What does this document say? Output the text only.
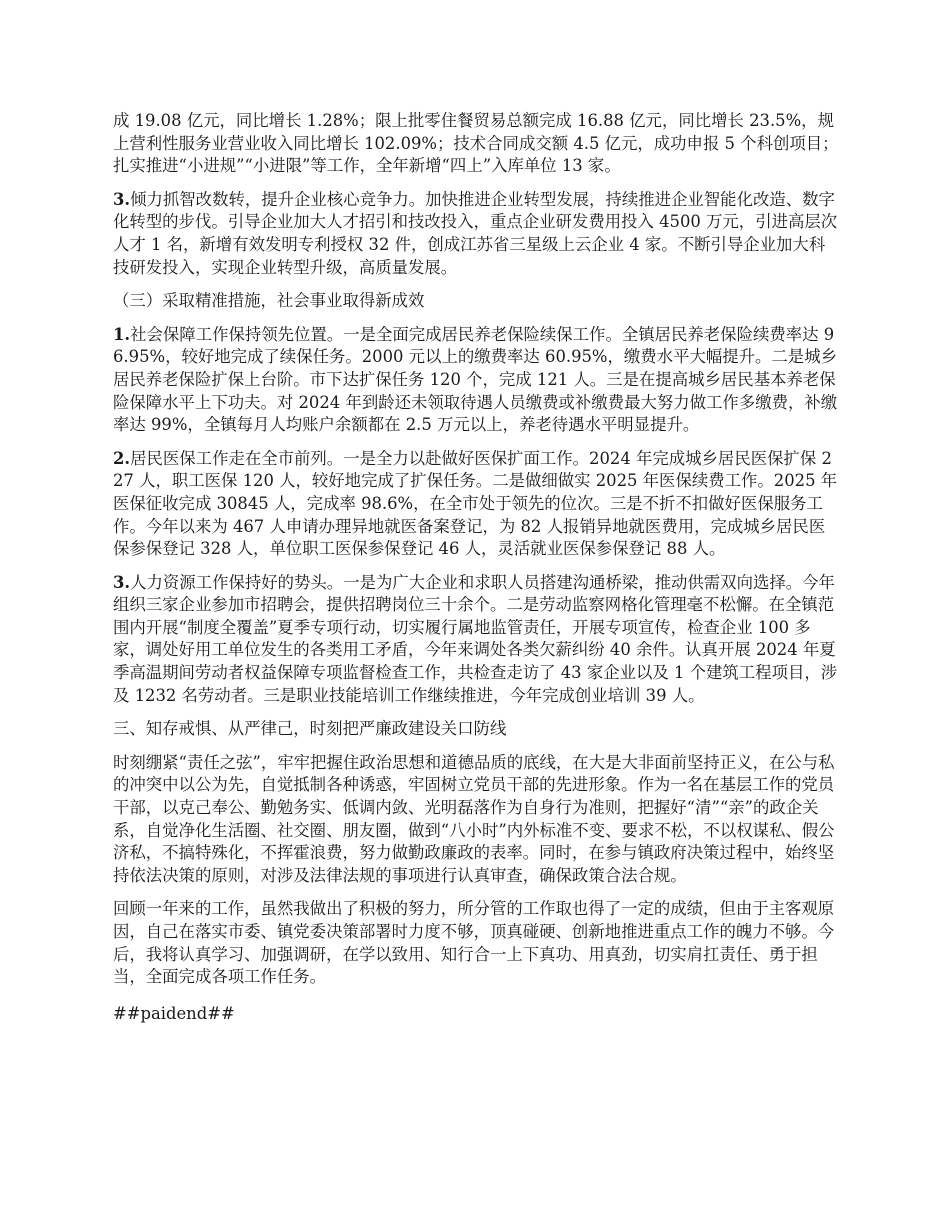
成 19.08 亿元，同比增长 1.28%；限上批零住餐贸易总额完成 16.88 亿元，同比增长 23.5%，规上营利性服务业营业收入同比增长 102.09%；技术合同成交额 4.5 亿元，成功申报 5 个科创项目；扎实推进“小进规”“小进限”等工作，全年新增“四上”入库单位 13 家。

3.倾力抓智改数转，提升企业核心竞争力。加快推进企业转型发展，持续推进企业智能化改造、数字化转型的步伐。引导企业加大人才招引和技改投入，重点企业研发费用投入 4500 万元，引进高层次人才 1 名，新增有效发明专利授权 32 件，创成江苏省三星级上云企业 4 家。不断引导企业加大科技研发投入，实现企业转型升级，高质量发展。

（三）采取精准措施，社会事业取得新成效

1.社会保障工作保持领先位置。一是全面完成居民养老保险续保工作。全镇居民养老保险续费率达 96.95%，较好地完成了续保任务。2000 元以上的缴费率达 60.95%，缴费水平大幅提升。二是城乡居民养老保险扩保上台阶。市下达扩保任务 120 个，完成 121 人。三是在提高城乡居民基本养老保险保障水平上下功夫。对 2024 年到龄还未领取待遇人员缴费或补缴费最大努力做工作多缴费，补缴率达 99%，全镇每月人均账户余额都在 2.5 万元以上，养老待遇水平明显提升。

2.居民医保工作走在全市前列。一是全力以赴做好医保扩面工作。2024 年完成城乡居民医保扩保 227 人，职工医保 120 人，较好地完成了扩保任务。二是做细做实 2025 年医保续费工作。2025 年医保征收完成 30845 人，完成率 98.6%，在全市处于领先的位次。三是不折不扣做好医保服务工作。今年以来为 467 人申请办理异地就医备案登记，为 82 人报销异地就医费用，完成城乡居民医保参保登记 328 人，单位职工医保参保登记 46 人，灵活就业医保参保登记 88 人。

3.人力资源工作保持好的势头。一是为广大企业和求职人员搭建沟通桥梁，推动供需双向选择。今年组织三家企业参加市招聘会，提供招聘岗位三十余个。二是劳动监察网格化管理毫不松懈。在全镇范围内开展“制度全覆盖”夏季专项行动，切实履行属地监管责任，开展专项宣传，检查企业 100 多家，调处好用工单位发生的各类用工矛盾，今年来调处各类欠薪纠纷 40 余件。认真开展 2024 年夏季高温期间劳动者权益保障专项监督检查工作，共检查走访了 43 家企业以及 1 个建筑工程项目，涉及 1232 名劳动者。三是职业技能培训工作继续推进，今年完成创业培训 39 人。

三、知存戒惧、从严律己，时刻把严廉政建设关口防线

时刻绷紧“责任之弦”，牢牢把握住政治思想和道德品质的底线，在大是大非面前坚持正义，在公与私的冲突中以公为先，自觉抵制各种诱惑，牢固树立党员干部的先进形象。作为一名在基层工作的党员干部，以克己奉公、勤勉务实、低调内敛、光明磊落作为自身行为准则，把握好“清”“亲”的政企关系，自觉净化生活圈、社交圈、朋友圈，做到“八小时”内外标准不变、要求不松，不以权谋私、假公济私，不搞特殊化，不挥霍浪费，努力做勤政廉政的表率。同时，在参与镇政府决策过程中，始终坚持依法决策的原则，对涉及法律法规的事项进行认真审查，确保政策合法合规。

回顾一年来的工作，虽然我做出了积极的努力，所分管的工作取也得了一定的成绩，但由于主客观原因，自己在落实市委、镇党委决策部署时力度不够，顶真碰硬、创新地推进重点工作的魄力不够。今后，我将认真学习、加强调研，在学以致用、知行合一上下真功、用真劲，切实肩扛责任、勇于担当，全面完成各项工作任务。

##paidend##
